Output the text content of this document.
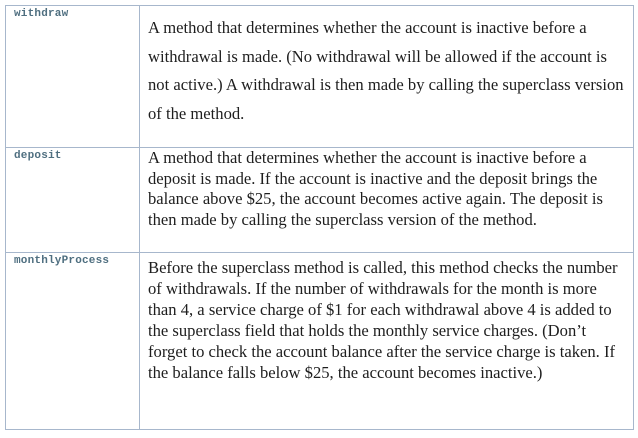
withdraw	A method that determines whether the account is inactive before a withdrawal is made. (No withdrawal will be allowed if the account is not active.) A withdrawal is then made by calling the superclass version of the method.

deposit	A method that determines whether the account is inactive before a deposit is made. If the account is inactive and the deposit brings the balance above $25, the account becomes active again. The deposit is then made by calling the superclass version of the method.

monthlyProcess	Before the superclass method is called, this method checks the number of withdrawals. If the number of withdrawals for the month is more than 4, a service charge of $1 for each withdrawal above 4 is added to the superclass field that holds the monthly service charges. (Don’t forget to check the account balance after the service charge is taken. If the balance falls below $25, the account becomes inactive.)
